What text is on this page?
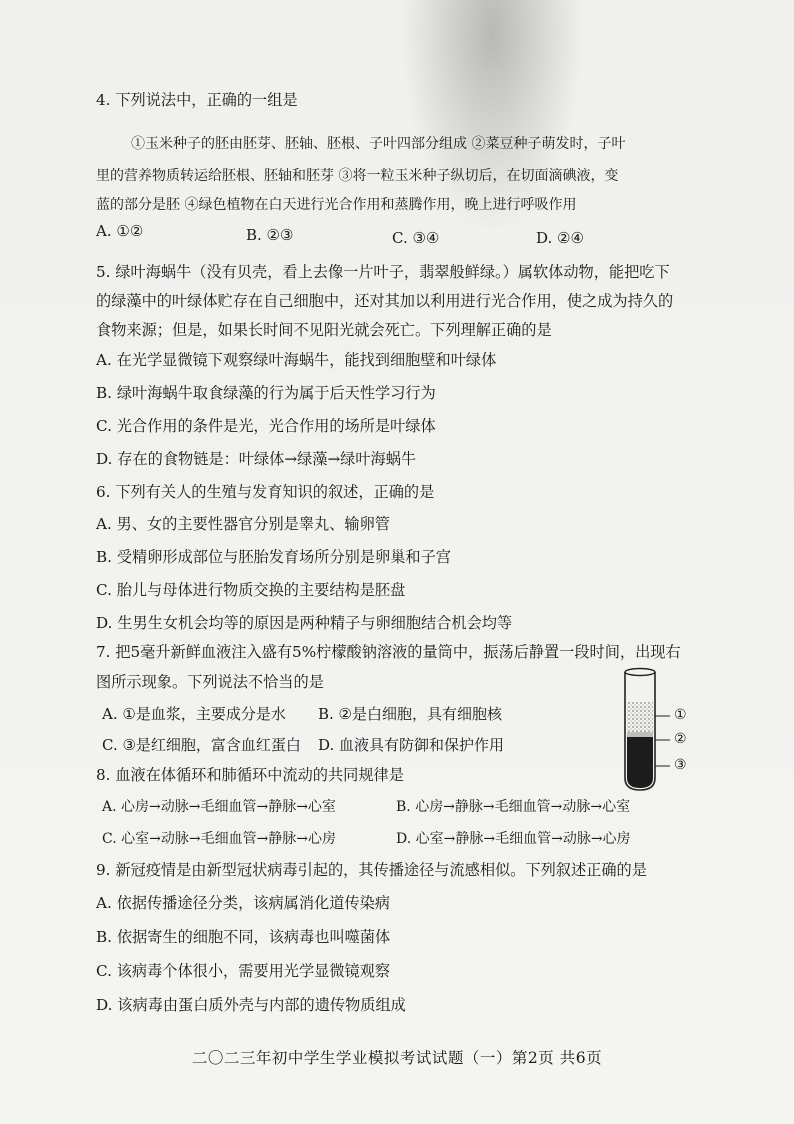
4. 下列说法中，正确的一组是
①玉米种子的胚由胚芽、胚轴、胚根、子叶四部分组成 ②菜豆种子萌发时，子叶
里的营养物质转运给胚根、胚轴和胚芽 ③将一粒玉米种子纵切后，在切面滴碘液，变
蓝的部分是胚 ④绿色植物在白天进行光合作用和蒸腾作用，晚上进行呼吸作用
A. ①②	B. ②③	C. ③④	D. ②④
5. 绿叶海蜗牛（没有贝壳，看上去像一片叶子，翡翠般鲜绿。）属软体动物，能把吃下
的绿藻中的叶绿体贮存在自己细胞中，还对其加以利用进行光合作用，使之成为持久的
食物来源；但是，如果长时间不见阳光就会死亡。下列理解正确的是
A. 在光学显微镜下观察绿叶海蜗牛，能找到细胞壁和叶绿体
B. 绿叶海蜗牛取食绿藻的行为属于后天性学习行为
C. 光合作用的条件是光，光合作用的场所是叶绿体
D. 存在的食物链是：叶绿体→绿藻→绿叶海蜗牛
6. 下列有关人的生殖与发育知识的叙述，正确的是
A. 男、女的主要性器官分别是睾丸、输卵管
B. 受精卵形成部位与胚胎发育场所分别是卵巢和子宫
C. 胎儿与母体进行物质交换的主要结构是胚盘
D. 生男生女机会均等的原因是两种精子与卵细胞结合机会均等
7. 把5毫升新鲜血液注入盛有5%柠檬酸钠溶液的量筒中，振荡后静置一段时间，出现右
图所示现象。下列说法不恰当的是
A. ①是血浆，主要成分是水 B. ②是白细胞，具有细胞核
C. ③是红细胞，富含血红蛋白 D. 血液具有防御和保护作用
①
②
③
8. 血液在体循环和肺循环中流动的共同规律是
A. 心房→动脉→毛细血管→静脉→心室	B. 心房→静脉→毛细血管→动脉→心室
C. 心室→动脉→毛细血管→静脉→心房	D. 心室→静脉→毛细血管→动脉→心房
9. 新冠疫情是由新型冠状病毒引起的，其传播途径与流感相似。下列叙述正确的是
A. 依据传播途径分类，该病属消化道传染病
B. 依据寄生的细胞不同，该病毒也叫噬菌体
C. 该病毒个体很小，需要用光学显微镜观察
D. 该病毒由蛋白质外壳与内部的遗传物质组成
二〇二三年初中学生学业模拟考试试题（一）第2页 共6页
